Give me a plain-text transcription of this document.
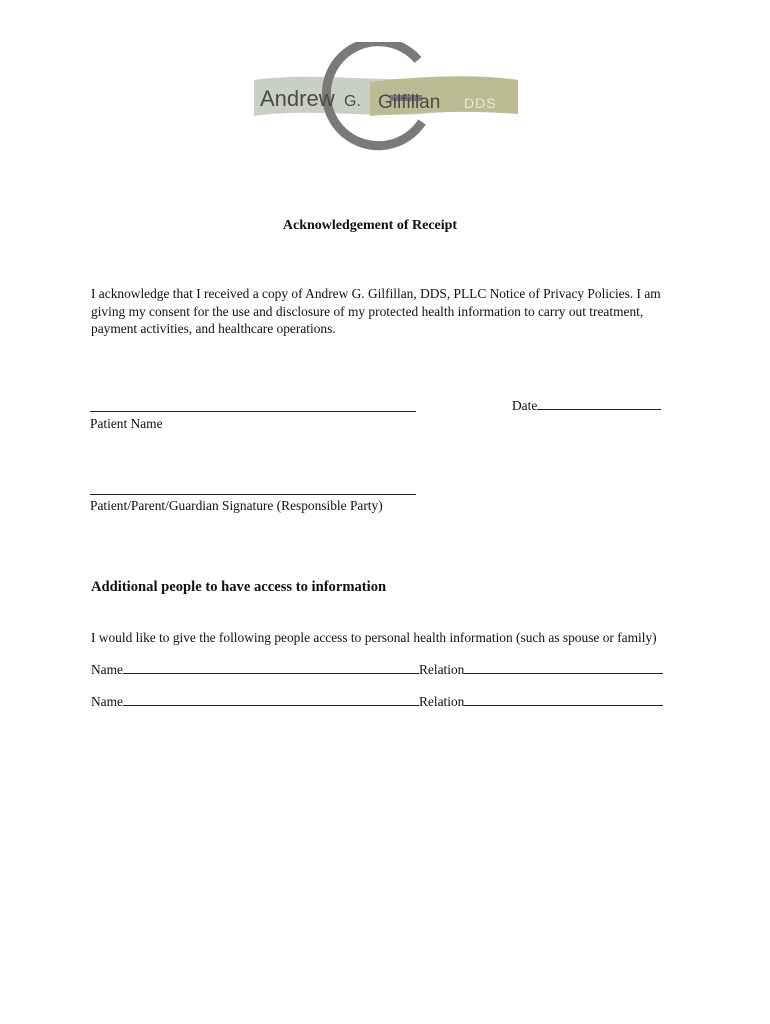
Andrew G. Gilfillan DDS
Acknowledgement of Receipt
I acknowledge that I received a copy of Andrew G. Gilfillan, DDS, PLLC Notice of Privacy Policies. I am giving my consent for the use and disclosure of my protected health information to carry out treatment, payment activities, and healthcare operations.
Patient Name
Date
Patient/Parent/Guardian Signature (Responsible Party)
Additional people to have access to information
I would like to give the following people access to personal health information (such as spouse or family)
Name	Relation
Name	Relation
